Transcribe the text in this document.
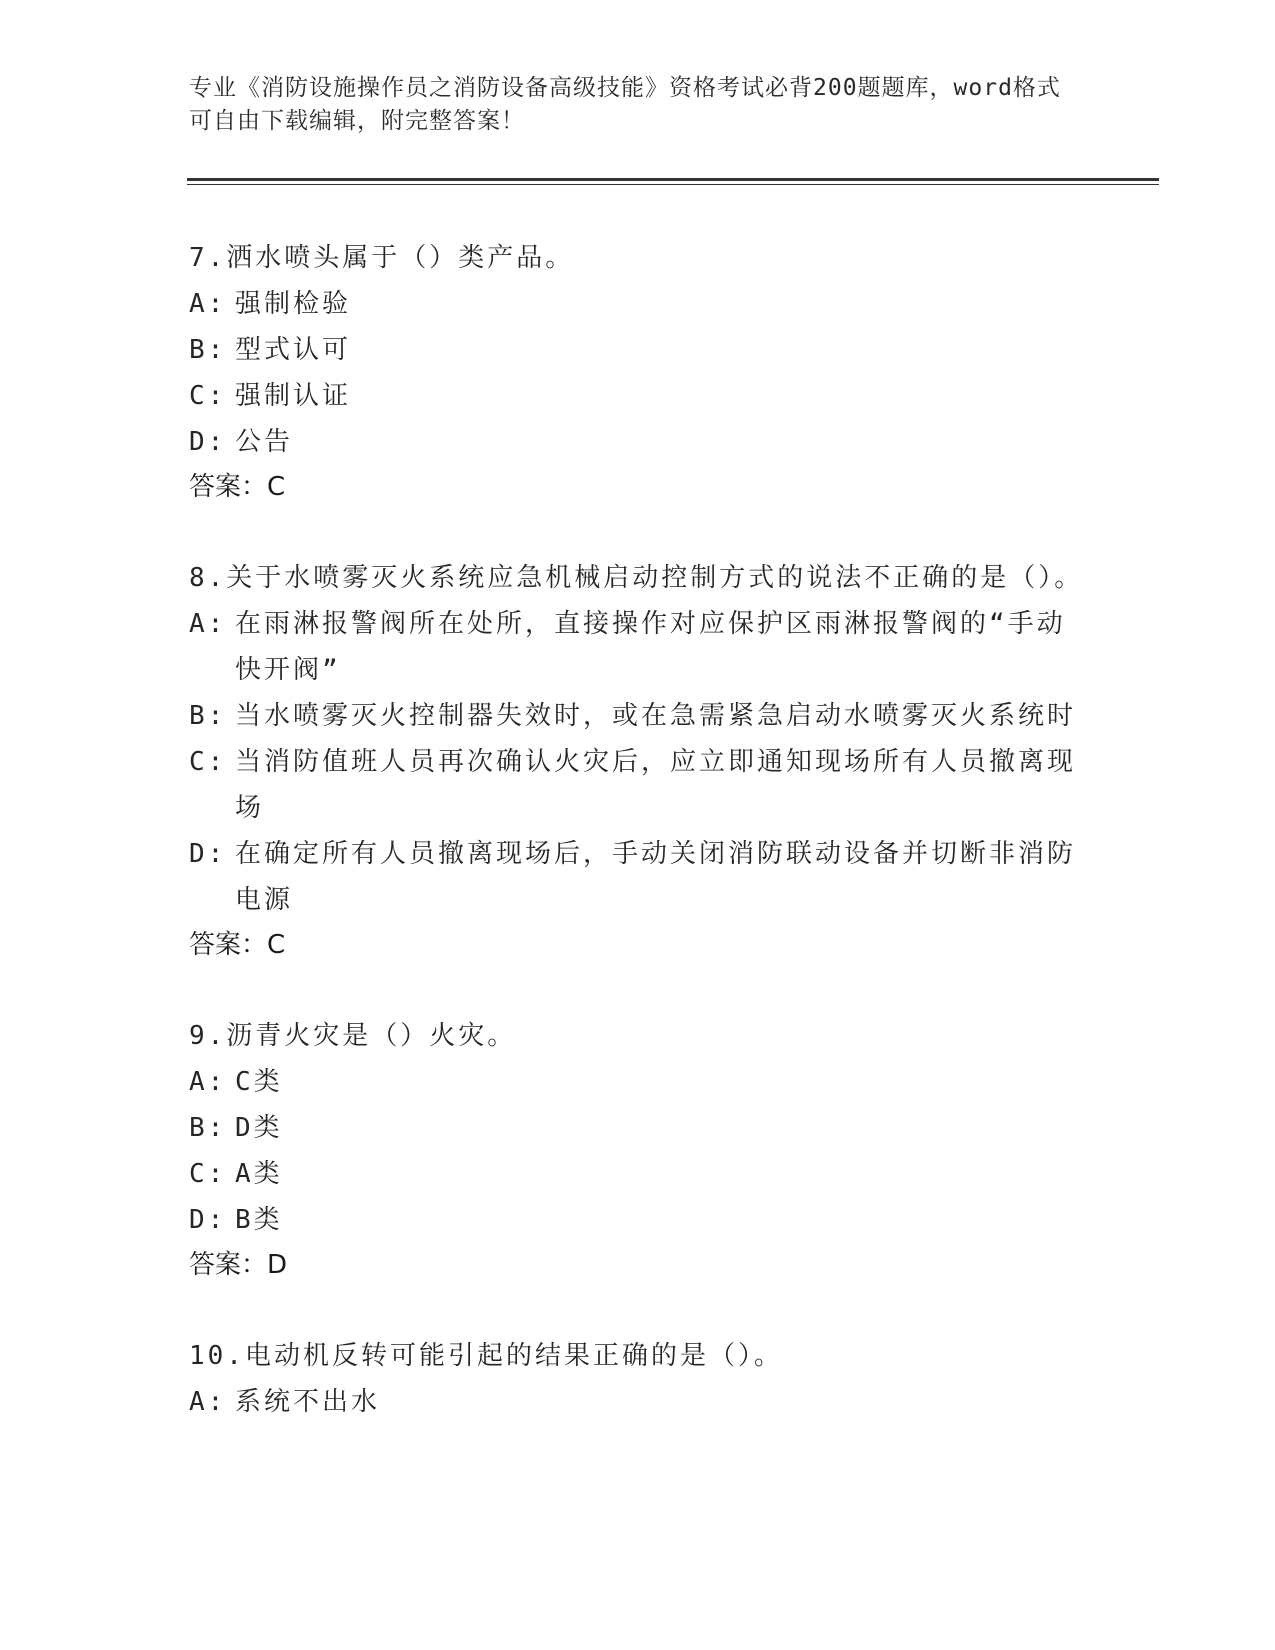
专业《消防设施操作员之消防设备高级技能》资格考试必背200题题库，word格式可自由下载编辑，附完整答案！
7.洒水喷头属于（）类产品。
A: 强制检验
B: 型式认可
C: 强制认证
D: 公告
答案：C
8.关于水喷雾灭火系统应急机械启动控制方式的说法不正确的是（）。
A: 在雨淋报警阀所在处所，直接操作对应保护区雨淋报警阀的“手动快开阀”
B: 当水喷雾灭火控制器失效时，或在急需紧急启动水喷雾灭火系统时
C: 当消防值班人员再次确认火灾后，应立即通知现场所有人员撤离现场
D: 在确定所有人员撤离现场后，手动关闭消防联动设备并切断非消防电源
答案：C
9.沥青火灾是（）火灾。
A: C类
B: D类
C: A类
D: B类
答案：D
10.电动机反转可能引起的结果正确的是（）。
A: 系统不出水
